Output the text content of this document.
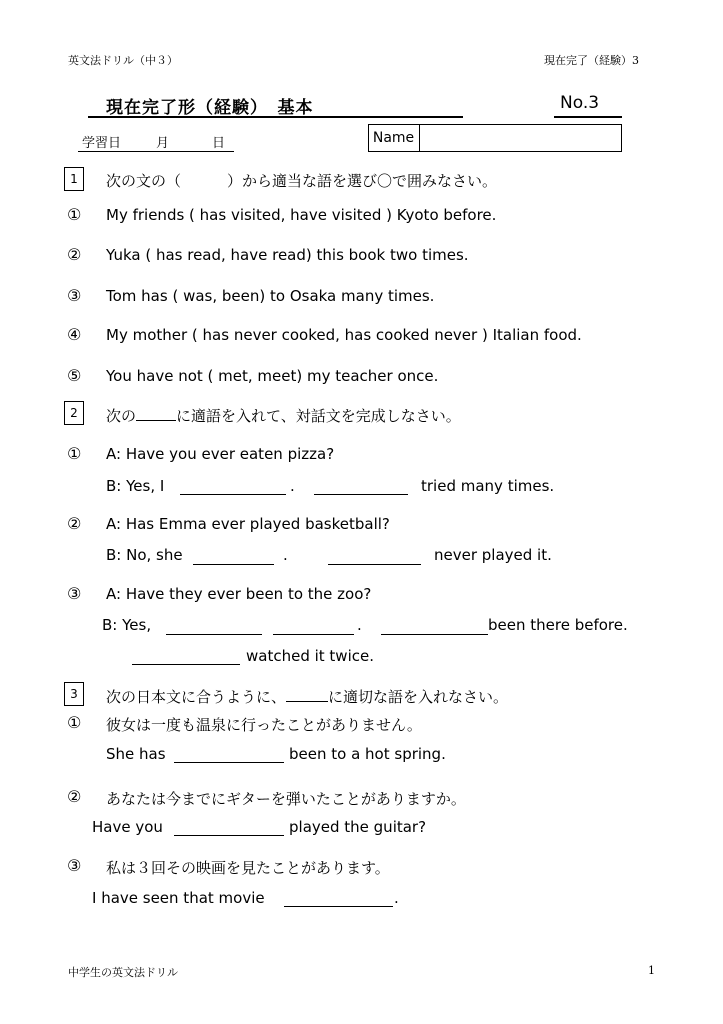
英文法ドリル（中３）	現在完了（経験）3
現在完了形（経験）　基本	No.3
学習日	月	日	Name
1	次の文の（	）から適当な語を選び〇で囲みなさい。
① My friends ( has visited, have visited ) Kyoto before.
② Yuka ( has read, have read) this book two times.
③ Tom has ( was, been) to Osaka many times.
④ My mother ( has never cooked, has cooked never ) Italian food.
⑤ You have not ( met, meet) my teacher once.
2	次の	に適語を入れて、対話文を完成しなさい。
① A: Have you ever eaten pizza?
B: Yes, I	.	tried many times.
② A: Has Emma ever played basketball?
B: No, she	.	never played it.
③ A: Have they ever been to the zoo?
B: Yes,	.	been there before.
watched it twice.
3	次の日本文に合うように、	に適切な語を入れなさい。
① 彼女は一度も温泉に行ったことがありません。
She has	been to a hot spring.
② あなたは今までにギターを弾いたことがありますか。
Have you	played the guitar?
③ 私は３回その映画を見たことがあります。
I have seen that movie	.
中学生の英文法ドリル	1
